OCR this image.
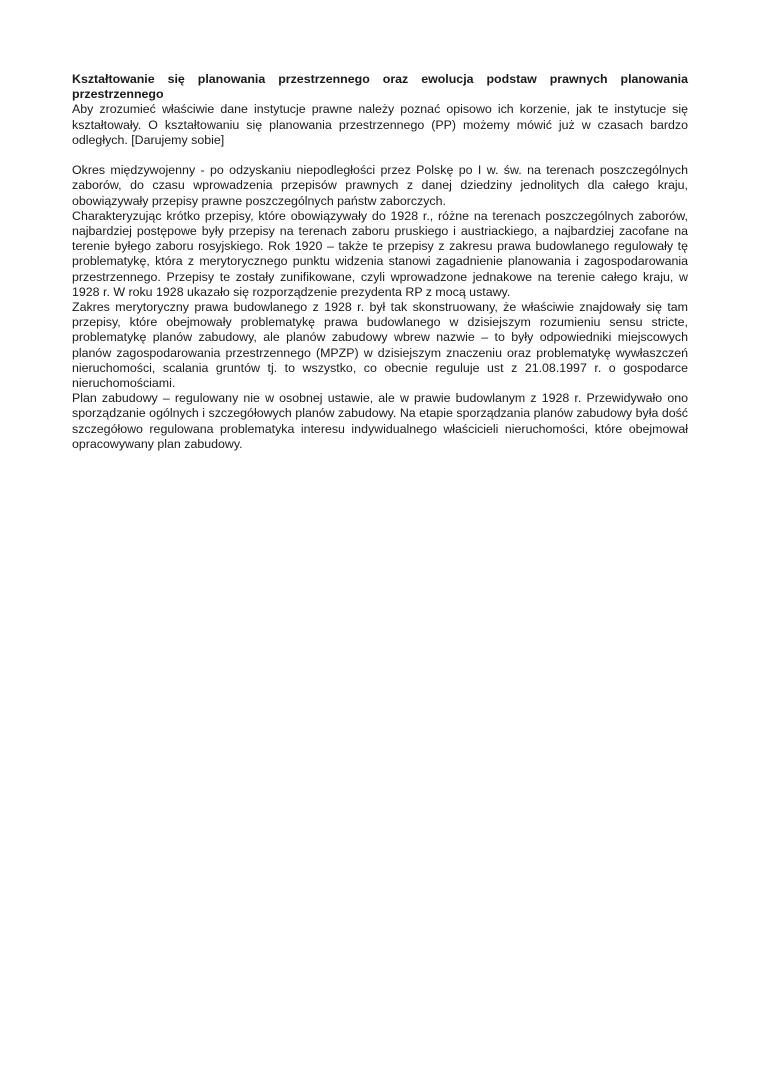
Kształtowanie się planowania przestrzennego oraz ewolucja podstaw prawnych planowania przestrzennego

Aby zrozumieć właściwie dane instytucje prawne należy poznać opisowo ich korzenie, jak te instytucje się kształtowały. O kształtowaniu się planowania przestrzennego (PP) możemy mówić już w czasach bardzo odległych. [Darujemy sobie]

Okres międzywojenny - po odzyskaniu niepodległości przez Polskę po I w. św. na terenach poszczególnych zaborów, do czasu wprowadzenia przepisów prawnych z danej dziedziny jednolitych dla całego kraju, obowiązywały przepisy prawne poszczególnych państw zaborczych.

Charakteryzując krótko przepisy, które obowiązywały do 1928 r., różne na terenach poszczególnych zaborów, najbardziej postępowe były przepisy na terenach zaboru pruskiego i austriackiego, a najbardziej zacofane na terenie byłego zaboru rosyjskiego. Rok 1920 – także te przepisy z zakresu prawa budowlanego regulowały tę problematykę, która z merytorycznego punktu widzenia stanowi zagadnienie planowania i zagospodarowania przestrzennego. Przepisy te zostały zunifikowane, czyli wprowadzone jednakowe na terenie całego kraju, w 1928 r. W roku 1928 ukazało się rozporządzenie prezydenta RP z mocą ustawy.

Zakres merytoryczny prawa budowlanego z 1928 r. był tak skonstruowany, że właściwie znajdowały się tam przepisy, które obejmowały problematykę prawa budowlanego w dzisiejszym rozumieniu sensu stricte, problematykę planów zabudowy, ale planów zabudowy wbrew nazwie – to były odpowiedniki miejscowych planów zagospodarowania przestrzennego (MPZP) w dzisiejszym znaczeniu oraz problematykę wywłaszczeń nieruchomości, scalania gruntów tj. to wszystko, co obecnie reguluje ust z 21.08.1997 r. o gospodarce nieruchomościami.

Plan zabudowy – regulowany nie w osobnej ustawie, ale w prawie budowlanym z 1928 r. Przewidywało ono sporządzanie ogólnych i szczegółowych planów zabudowy. Na etapie sporządzania planów zabudowy była dość szczegółowo regulowana problematyka interesu indywidualnego właścicieli nieruchomości, które obejmował opracowywany plan zabudowy.
